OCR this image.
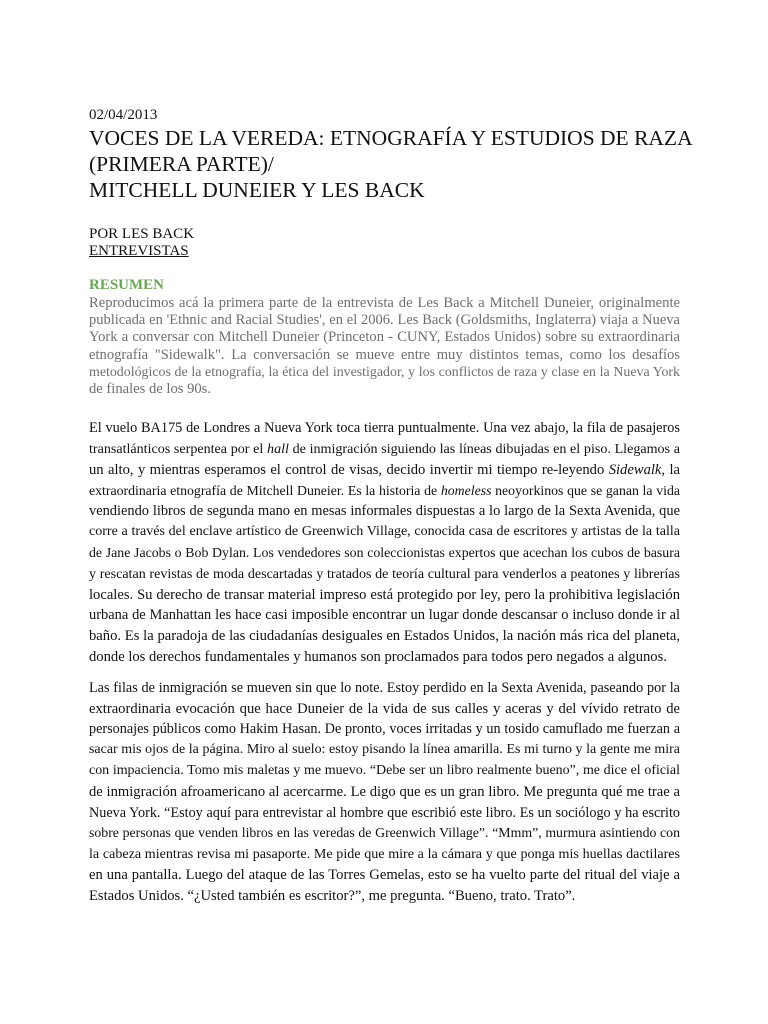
02/04/2013

VOCES DE LA VEREDA: ETNOGRAFÍA Y ESTUDIOS DE RAZA
(PRIMERA PARTE)/
MITCHELL DUNEIER Y LES BACK
POR LES BACK
ENTREVISTAS
RESUMEN

Reproducimos acá la primera parte de la entrevista de Les Back a Mitchell Duneier, originalmente
publicada en 'Ethnic and Racial Studies', en el 2006. Les Back (Goldsmiths, Inglaterra) viaja a Nueva
York a conversar con Mitchell Duneier (Princeton - CUNY, Estados Unidos) sobre su extraordinaria
etnografía "Sidewalk". La conversación se mueve entre muy distintos temas, como los desafíos
metodológicos de la etnografía, la ética del investigador, y los conflictos de raza y clase en la Nueva York
de finales de los 90s.

El vuelo BA175 de Londres a Nueva York toca tierra puntualmente. Una vez abajo, la fila de pasajeros
transatlánticos serpentea por el hall de inmigración siguiendo las líneas dibujadas en el piso. Llegamos a
un alto, y mientras esperamos el control de visas, decido invertir mi tiempo re-leyendo Sidewalk, la
extraordinaria etnografía de Mitchell Duneier. Es la historia de homeless neoyorkinos que se ganan la vida
vendiendo libros de segunda mano en mesas informales dispuestas a lo largo de la Sexta Avenida, que
corre a través del enclave artístico de Greenwich Village, conocida casa de escritores y artistas de la talla
de Jane Jacobs o Bob Dylan. Los vendedores son coleccionistas expertos que acechan los cubos de basura
y rescatan revistas de moda descartadas y tratados de teoría cultural para venderlos a peatones y librerías
locales. Su derecho de transar material impreso está protegido por ley, pero la prohibitiva legislación
urbana de Manhattan les hace casi imposible encontrar un lugar donde descansar o incluso donde ir al
baño. Es la paradoja de las ciudadanías desiguales en Estados Unidos, la nación más rica del planeta,
donde los derechos fundamentales y humanos son proclamados para todos pero negados a algunos.

Las filas de inmigración se mueven sin que lo note. Estoy perdido en la Sexta Avenida, paseando por la
extraordinaria evocación que hace Duneier de la vida de sus calles y aceras y del vívido retrato de
personajes públicos como Hakim Hasan. De pronto, voces irritadas y un tosido camuflado me fuerzan a
sacar mis ojos de la página. Miro al suelo: estoy pisando la línea amarilla. Es mi turno y la gente me mira
con impaciencia. Tomo mis maletas y me muevo. “Debe ser un libro realmente bueno”, me dice el oficial
de inmigración afroamericano al acercarme. Le digo que es un gran libro. Me pregunta qué me trae a
Nueva York. “Estoy aquí para entrevistar al hombre que escribió este libro. Es un sociólogo y ha escrito
sobre personas que venden libros en las veredas de Greenwich Village”. “Mmm”, murmura asintiendo con
la cabeza mientras revisa mi pasaporte. Me pide que mire a la cámara y que ponga mis huellas dactilares
en una pantalla. Luego del ataque de las Torres Gemelas, esto se ha vuelto parte del ritual del viaje a
Estados Unidos. “¿Usted también es escritor?”, me pregunta. “Bueno, trato. Trato”.
